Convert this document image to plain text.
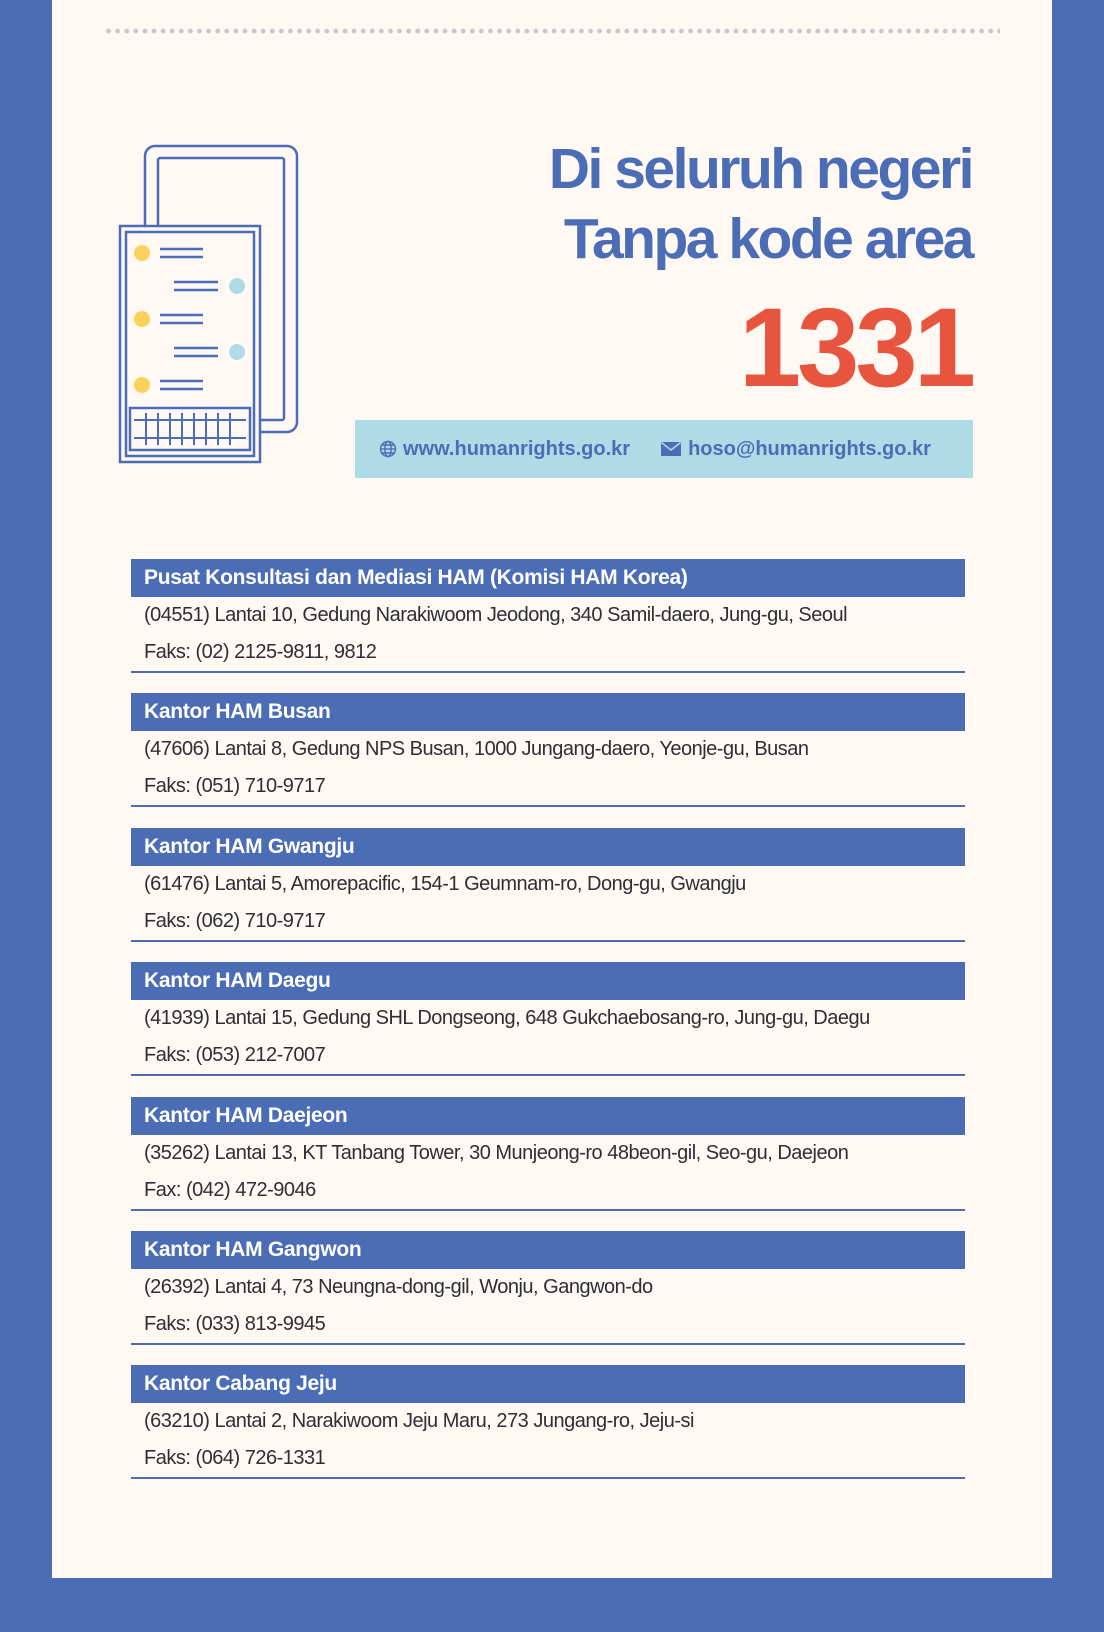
Di seluruh negeri
Tanpa kode area
1331
www.humanrights.go.kr	hoso@humanrights.go.kr
Pusat Konsultasi dan Mediasi HAM (Komisi HAM Korea)
(04551) Lantai 10, Gedung Narakiwoom Jeodong, 340 Samil-daero, Jung-gu, Seoul
Faks: (02) 2125-9811, 9812
Kantor HAM Busan
(47606) Lantai 8, Gedung NPS Busan, 1000 Jungang-daero, Yeonje-gu, Busan
Faks: (051) 710-9717
Kantor HAM Gwangju
(61476) Lantai 5, Amorepacific, 154-1 Geumnam-ro, Dong-gu, Gwangju
Faks: (062) 710-9717
Kantor HAM Daegu
(41939) Lantai 15, Gedung SHL Dongseong, 648 Gukchaebosang-ro, Jung-gu, Daegu
Faks: (053) 212-7007
Kantor HAM Daejeon
(35262) Lantai 13, KT Tanbang Tower, 30 Munjeong-ro 48beon-gil, Seo-gu, Daejeon
Fax: (042) 472-9046
Kantor HAM Gangwon
(26392) Lantai 4, 73 Neungna-dong-gil, Wonju, Gangwon-do
Faks: (033) 813-9945
Kantor Cabang Jeju
(63210) Lantai 2, Narakiwoom Jeju Maru, 273 Jungang-ro, Jeju-si
Faks: (064) 726-1331
